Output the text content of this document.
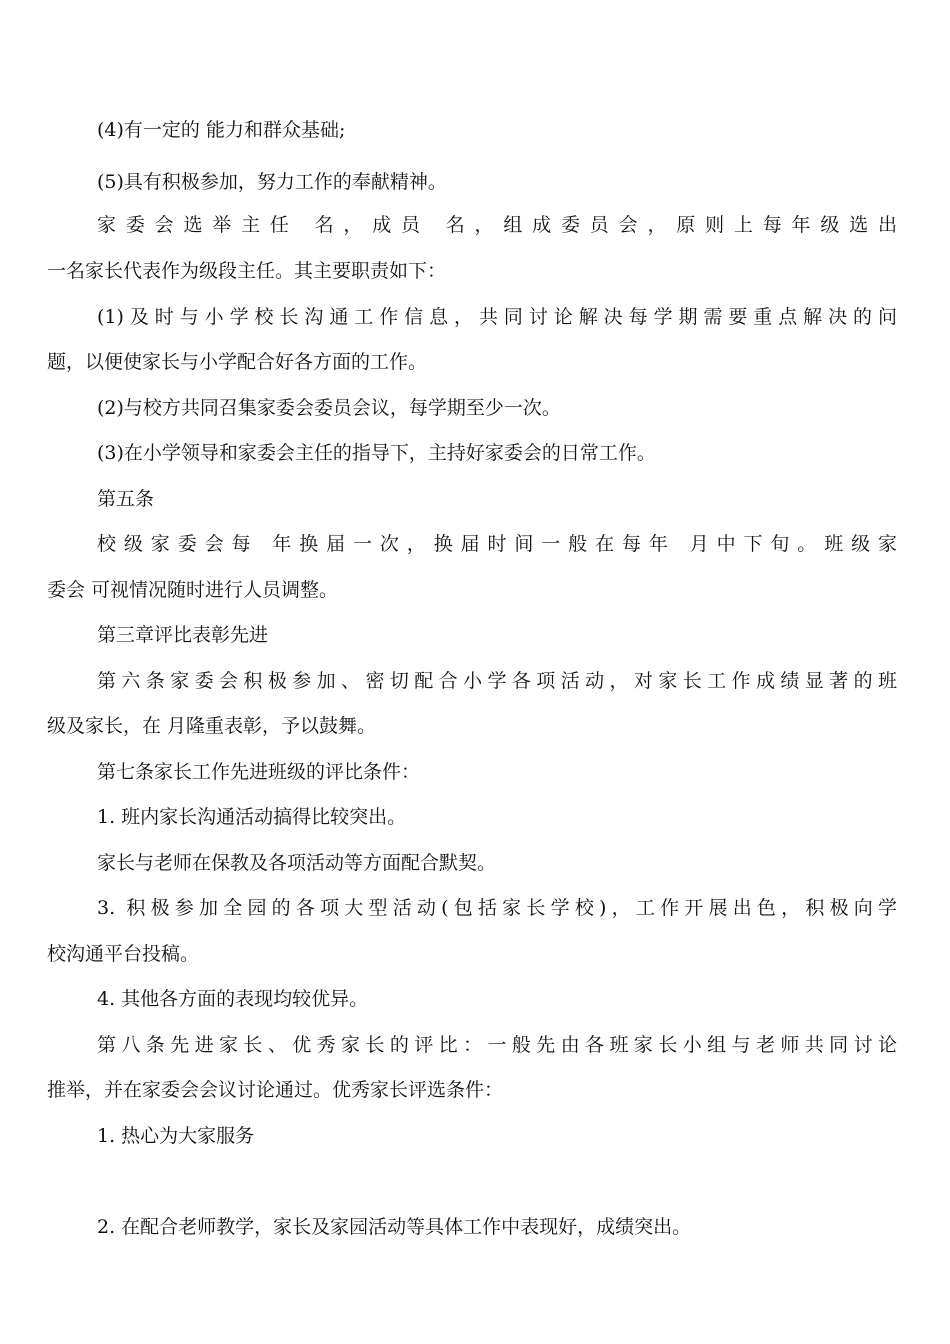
(4)有一定的 能力和群众基础;
(5)具有积极参加，努力工作的奉献精神。
家委会选举主任 名，成员 名，组成委员会，原则上每年级选出
一名家长代表作为级段主任。其主要职责如下：
(1)及时与小学校长沟通工作信息，共同讨论解决每学期需要重点解决的问
题，以便使家长与小学配合好各方面的工作。
(2)与校方共同召集家委会委员会议，每学期至少一次。
(3)在小学领导和家委会主任的指导下，主持好家委会的日常工作。
第五条
校级家委会每 年换届一次，换届时间一般在每年 月中下旬。班级家
委会 可视情况随时进行人员调整。
第三章评比表彰先进
第六条家委会积极参加、密切配合小学各项活动，对家长工作成绩显著的班
级及家长，在 月隆重表彰，予以鼓舞。
第七条家长工作先进班级的评比条件：
1. 班内家长沟通活动搞得比较突出。
家长与老师在保教及各项活动等方面配合默契。
3. 积极参加全园的各项大型活动(包括家长学校)，工作开展出色，积极向学
校沟通平台投稿。
4. 其他各方面的表现均较优异。
第八条先进家长、优秀家长的评比：一般先由各班家长小组与老师共同讨论
推举，并在家委会会议讨论通过。优秀家长评选条件：
1. 热心为大家服务
2. 在配合老师教学，家长及家园活动等具体工作中表现好，成绩突出。
